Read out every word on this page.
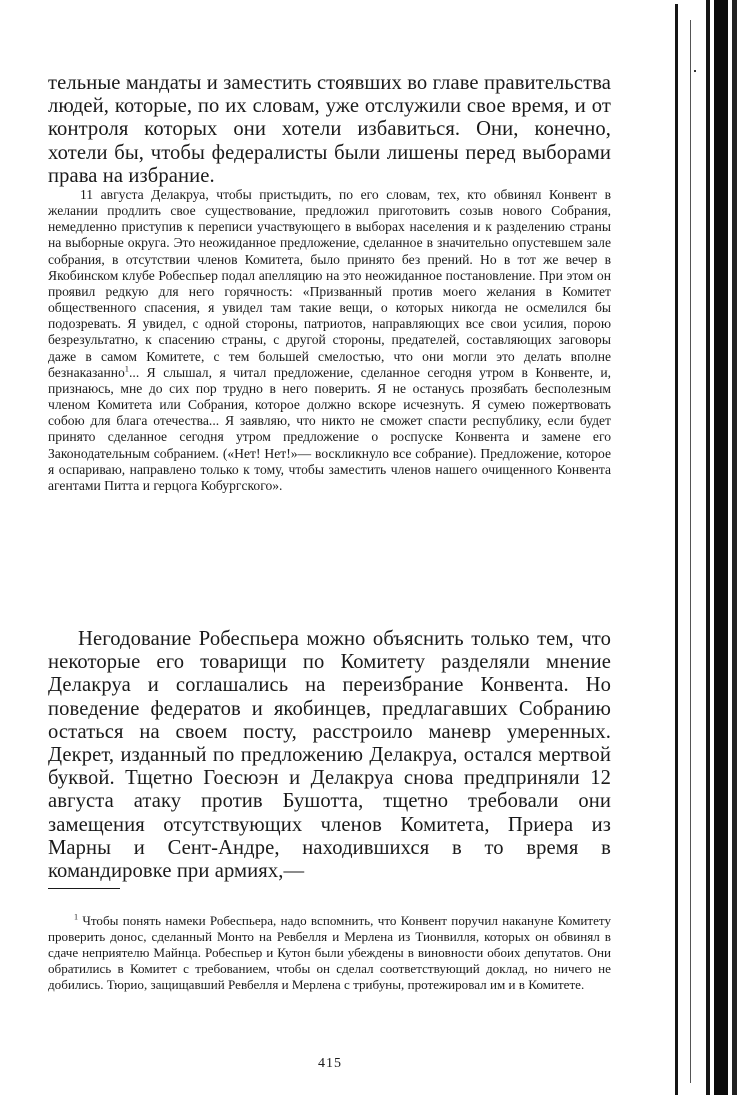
тельные мандаты и заместить стоявших во главе правительства людей, которые, по их словам, уже отслужили свое время, и от контроля которых они хотели избавиться. Они, конечно, хотели бы, чтобы федералисты были лишены перед выборами права на избрание.

11 августа Делакруа, чтобы пристыдить, по его словам, тех, кто обвинял Конвент в желании продлить свое существование, предложил приготовить созыв нового Собрания, немедленно приступив к переписи участвующего в выборах населения и к разделению страны на выборные округа. Это неожиданное предложение, сделанное в значительно опустевшем зале собрания, в отсутствии членов Комитета, было принято без прений. Но в тот же вечер в Якобинском клубе Робеспьер подал апелляцию на это неожиданное постановление. При этом он проявил редкую для него горячность: «Призванный против моего желания в Комитет общественного спасения, я увидел там такие вещи, о которых никогда не осмелился бы подозревать. Я увидел, с одной стороны, патриотов, направляющих все свои усилия, порою безрезультатно, к спасению страны, с другой стороны, предателей, составляющих заговоры даже в самом Комитете, с тем большей смелостью, что они могли это делать вполне безнаказанно$^1$... Я слышал, я читал предложение, сделанное сегодня утром в Конвенте, и, признаюсь, мне до сих пор трудно в него поверить. Я не останусь прозябать бесполезным членом Комитета или Собрания, которое должно вскоре исчезнуть. Я сумею пожертвовать собою для блага отечества... Я заявляю, что никто не сможет спасти республику, если будет принято сделанное сегодня утром предложение о роспуске Конвента и замене его Законодательным собранием. («Нет! Нет!»— воскликнуло все собрание). Предложение, которое я оспариваю, направлено только к тому, чтобы заместить членов нашего очищенного Конвента агентами Питта и герцога Кобургского».

Негодование Робеспьера можно объяснить только тем, что некоторые его товарищи по Комитету разделяли мнение Делакруа и соглашались на переизбрание Конвента. Но поведение федератов и якобинцев, предлагавших Собранию остаться на своем посту, расстроило маневр умеренных. Декрет, изданный по предложению Делакруа, остался мертвой буквой. Тщетно Гоесюэн и Делакруа снова предприняли 12 августа атаку против Бушотта, тщетно требовали они замещения отсутствующих членов Комитета, Приера из Марны и Сент-Андре, находившихся в то время в командировке при армиях,—

$^1$ Чтобы понять намеки Робеспьера, надо вспомнить, что Конвент поручил накануне Комитету проверить донос, сделанный Монто на Ревбелля и Мерлена из Тионвилля, которых он обвинял в сдаче неприятелю Майнца. Робеспьер и Кутон были убеждены в виновности обоих депутатов. Они обратились в Комитет с требованием, чтобы он сделал соответствующий доклад, но ничего не добились. Тюрио, защищавший Ревбелля и Мерлена с трибуны, протежировал им и в Комитете.

415
